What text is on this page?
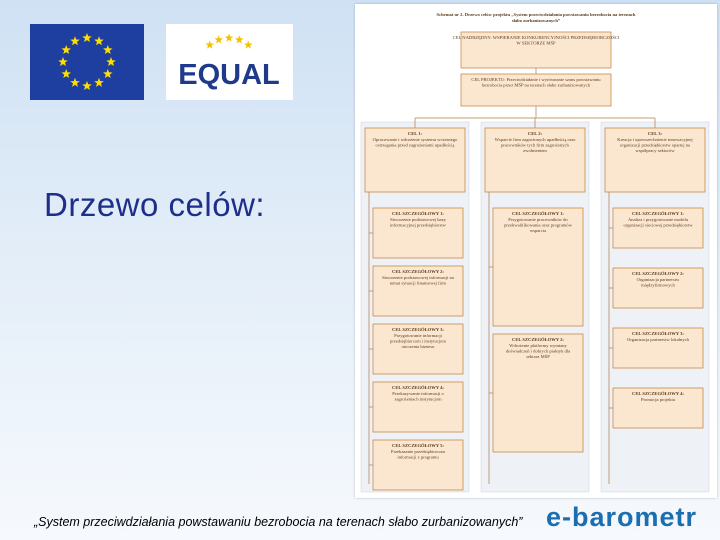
EQUAL
Drzewo celów:
Schemat nr 2. Drzewo celów projektu „System przeciwdziałania powstawaniu bezrobocia na terenach
słabo zurbanizowanych”
CEL NADRZĘDNY: WSPIERANIE KONKURENCYJNOŚCI PRZEDSIĘBIORCZOŚCI
W SEKTORZE MŚP
CEL PROJEKTU: Przeciwdziałanie i wyrównanie szans powstawaniu
bezrobocia przez MŚP na terenach słabo zurbanizowanych
CEL 1:
Opracowanie i wdrożenie systemu wczesnego
ostrzegania przed zagrożeniami upadłością
CEL 2:
Wsparcie firm zagrożonych upadłością oraz
pracowników tych firm zagrożonych
zwolnieniem
CEL 3:
Kreacja i upowszechnienie innowacyjnej
organizacji przedsiębiorstw opartej na
współpracy sektorów
CEL SZCZEGÓŁOWY 1:
Stworzenie podstawowej bazy
informacyjnej przedsiębiorstw
CEL SZCZEGÓŁOWY 2:
Stworzenie podstawowej informacji na
temat sytuacji finansowej firm
CEL SZCZEGÓŁOWY 3:
Przygotowanie informacji
przedsiębiorcom i instytucjom
otoczenia biznesu
CEL SZCZEGÓŁOWY 4:
Przekazywanie informacji o
zagrożeniach instytucjom
CEL SZCZEGÓŁOWY 5:
Przekazanie przedsiębiorcom
informacji z programu
CEL SZCZEGÓŁOWY 1:
Przygotowanie pracowników do
przekwalifikowania oraz programów
wsparcia
CEL SZCZEGÓŁOWY 2:
Wdrożenie platformy wymiany
doświadczeń i dobrych praktyk dla
sektora MŚP
CEL SZCZEGÓŁOWY 1:
Analiza i przygotowanie modelu
organizacji sieciowej przedsiębiorstw
CEL SZCZEGÓŁOWY 2:
Organizacja partnerstw
międzyfirmowych
CEL SZCZEGÓŁOWY 3:
Organizacja partnerstw lokalnych
CEL SZCZEGÓŁOWY 4:
Promocja projektu
„System przeciwdziałania powstawaniu bezrobocia na terenach słabo zurbanizowanych” e-barometr
